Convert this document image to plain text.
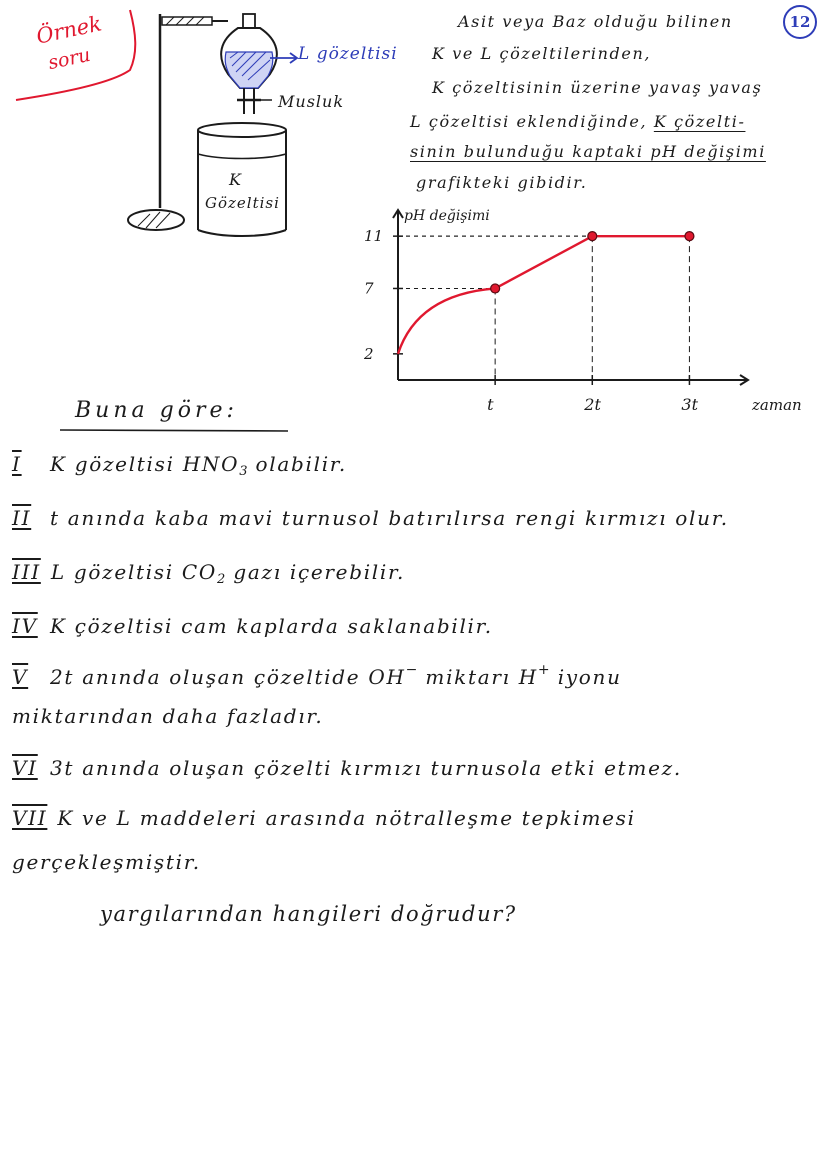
Örnek
soru
12
L gözeltisi
Musluk
K
Gözeltisi
Asit veya Baz olduğu bilinen
K ve L çözeltilerinden,
K çözeltisinin üzerine yavaş yavaş
L çözeltisi eklendiğinde, K çözelti-
sinin bulunduğu kaptaki pH değişimi
grafikteki gibidir.
pH değişimi
zaman
2
7
11
t	2t	3t
Buna göre:
I K gözeltisi $HNO_3$ olabilir.
II t anında kaba mavi turnusol batırılırsa rengi kırmızı olur.
III L gözeltisi $CO_2$ gazı içerebilir.
IV K çözeltisi cam kaplarda saklanabilir.
V 2t anında oluşan çözeltide OH− miktarı H+ iyonu
miktarından daha fazladır.
VI 3t anında oluşan çözelti kırmızı turnusola etki etmez.
VII K ve L maddeleri arasında nötralleşme tepkimesi
gerçekleşmiştir.
yargılarından hangileri doğrudur?
